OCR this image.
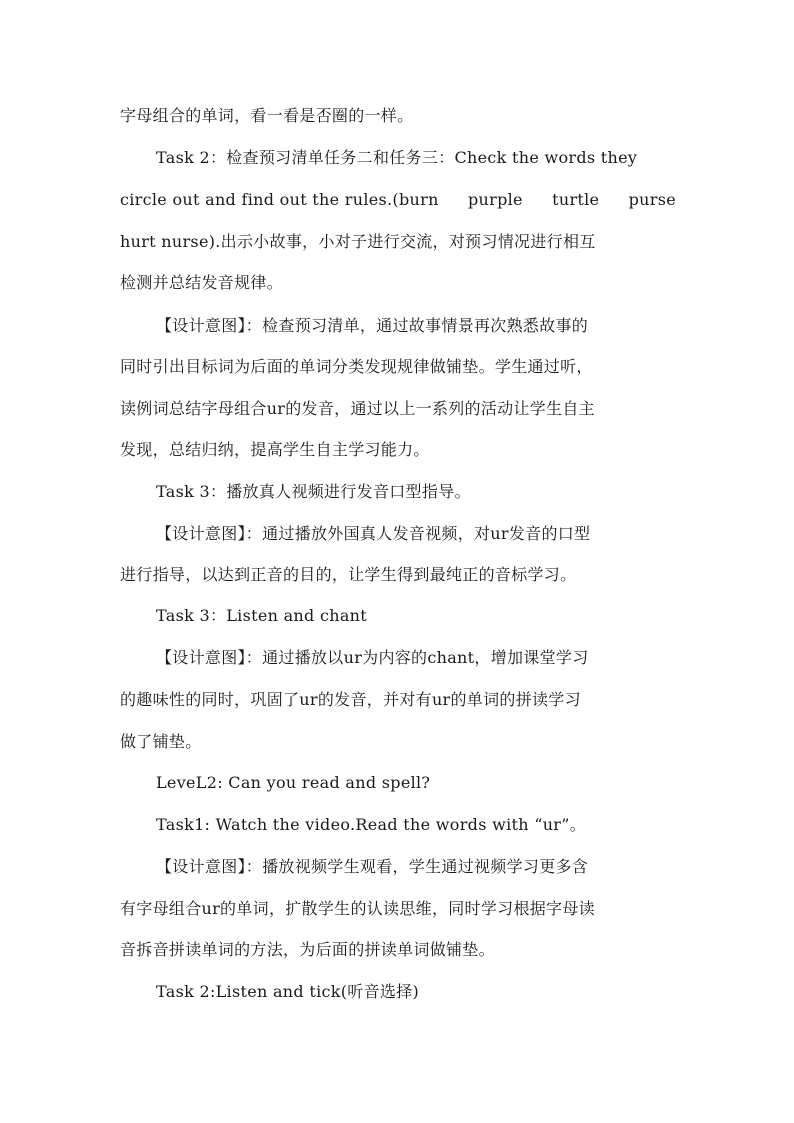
字母组合的单词，看一看是否圈的一样。
Task 2：检查预习清单任务二和任务三：Check the words they
circle out and find out the rules.(burn purple turtle purse
hurt nurse).出示小故事，小对子进行交流，对预习情况进行相互
检测并总结发音规律。
【设计意图】：检查预习清单，通过故事情景再次熟悉故事的
同时引出目标词为后面的单词分类发现规律做铺垫。学生通过听，
读例词总结字母组合ur的发音，通过以上一系列的活动让学生自主
发现，总结归纳，提高学生自主学习能力。
Task 3：播放真人视频进行发音口型指导。
【设计意图】：通过播放外国真人发音视频，对ur发音的口型
进行指导，以达到正音的目的，让学生得到最纯正的音标学习。
Task 3：Listen and chant
【设计意图】：通过播放以ur为内容的chant，增加课堂学习
的趣味性的同时，巩固了ur的发音，并对有ur的单词的拼读学习
做了铺垫。
LeveL2: Can you read and spell?
Task1: Watch the video.Read the words with “ur”。
【设计意图】：播放视频学生观看，学生通过视频学习更多含
有字母组合ur的单词，扩散学生的认读思维，同时学习根据字母读
音拆音拼读单词的方法，为后面的拼读单词做铺垫。
Task 2:Listen and tick(听音选择)
